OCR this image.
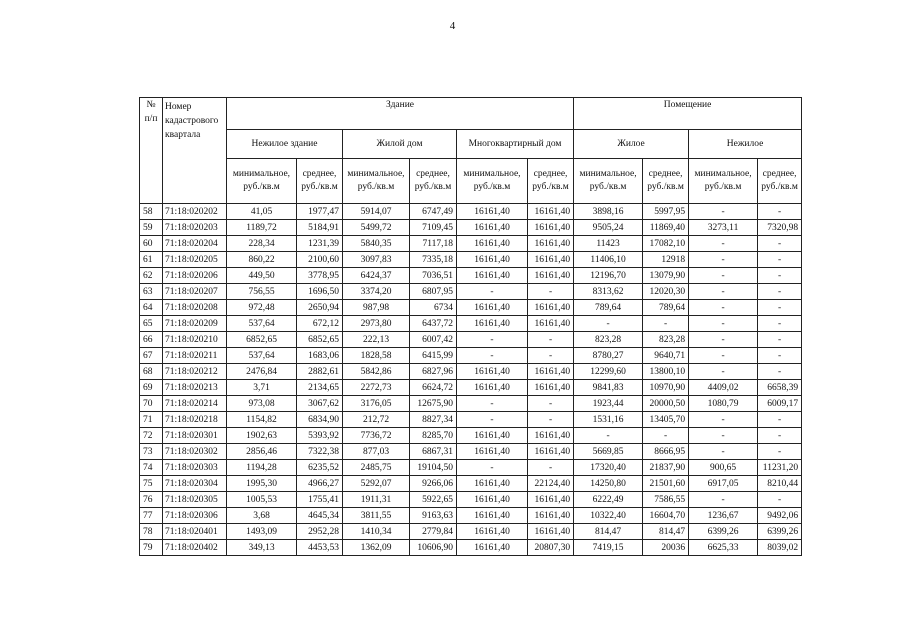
4
№ п/п	Номер кадастрового квартала	Здание						Помещение			
		Нежилое здание		Жилой дом		Многоквартирный дом		Жилое		Нежилое	
		минимальное, руб./кв.м	среднее, руб./кв.м	минимальное, руб./кв.м	среднее, руб./кв.м	минимальное, руб./кв.м	среднее, руб./кв.м	минимальное, руб./кв.м	среднее, руб./кв.м	минимальное, руб./кв.м	среднее, руб./кв.м
58	71:18:020202	41,05	1977,47	5914,07	6747,49	16161,40	16161,40	3898,16	5997,95	-	-
59	71:18:020203	1189,72	5184,91	5499,72	7109,45	16161,40	16161,40	9505,24	11869,40	3273,11	7320,98
60	71:18:020204	228,34	1231,39	5840,35	7117,18	16161,40	16161,40	11423	17082,10	-	-
61	71:18:020205	860,22	2100,60	3097,83	7335,18	16161,40	16161,40	11406,10	12918	-	-
62	71:18:020206	449,50	3778,95	6424,37	7036,51	16161,40	16161,40	12196,70	13079,90	-	-
63	71:18:020207	756,55	1696,50	3374,20	6807,95	-	-	8313,62	12020,30	-	-
64	71:18:020208	972,48	2650,94	987,98	6734	16161,40	16161,40	789,64	789,64	-	-
65	71:18:020209	537,64	672,12	2973,80	6437,72	16161,40	16161,40	-	-	-	-
66	71:18:020210	6852,65	6852,65	222,13	6007,42	-	-	823,28	823,28	-	-
67	71:18:020211	537,64	1683,06	1828,58	6415,99	-	-	8780,27	9640,71	-	-
68	71:18:020212	2476,84	2882,61	5842,86	6827,96	16161,40	16161,40	12299,60	13800,10	-	-
69	71:18:020213	3,71	2134,65	2272,73	6624,72	16161,40	16161,40	9841,83	10970,90	4409,02	6658,39
70	71:18:020214	973,08	3067,62	3176,05	12675,90	-	-	1923,44	20000,50	1080,79	6009,17
71	71:18:020218	1154,82	6834,90	212,72	8827,34	-	-	1531,16	13405,70	-	-
72	71:18:020301	1902,63	5393,92	7736,72	8285,70	16161,40	16161,40	-	-	-	-
73	71:18:020302	2856,46	7322,38	877,03	6867,31	16161,40	16161,40	5669,85	8666,95	-	-
74	71:18:020303	1194,28	6235,52	2485,75	19104,50	-	-	17320,40	21837,90	900,65	11231,20
75	71:18:020304	1995,30	4966,27	5292,07	9266,06	16161,40	22124,40	14250,80	21501,60	6917,05	8210,44
76	71:18:020305	1005,53	1755,41	1911,31	5922,65	16161,40	16161,40	6222,49	7586,55	-	-
77	71:18:020306	3,68	4645,34	3811,55	9163,63	16161,40	16161,40	10322,40	16604,70	1236,67	9492,06
78	71:18:020401	1493,09	2952,28	1410,34	2779,84	16161,40	16161,40	814,47	814,47	6399,26	6399,26
79	71:18:020402	349,13	4453,53	1362,09	10606,90	16161,40	20807,30	7419,15	20036	6625,33	8039,02
